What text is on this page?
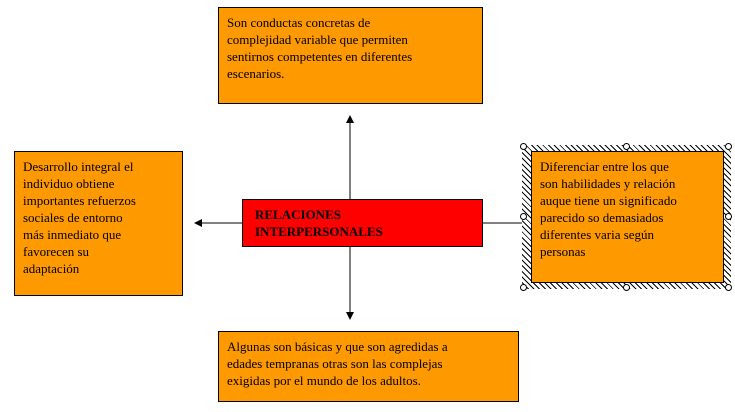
Son conductas concretas de
complejidad variable que permiten
sentirnos competentes en diferentes
escenarios.
Desarrollo integral el
individuo obtiene
importantes refuerzos
sociales de entorno
más inmediato que
favorecen su
adaptación
Diferenciar entre los que
son habilidades y relación
auque tiene un significado
parecido so demasiados
diferentes varia según
personas
Algunas son básicas y que son agredidas a
edades tempranas otras son las complejas
exigidas por el mundo de los adultos.
RELACIONES
INTERPERSONALES
